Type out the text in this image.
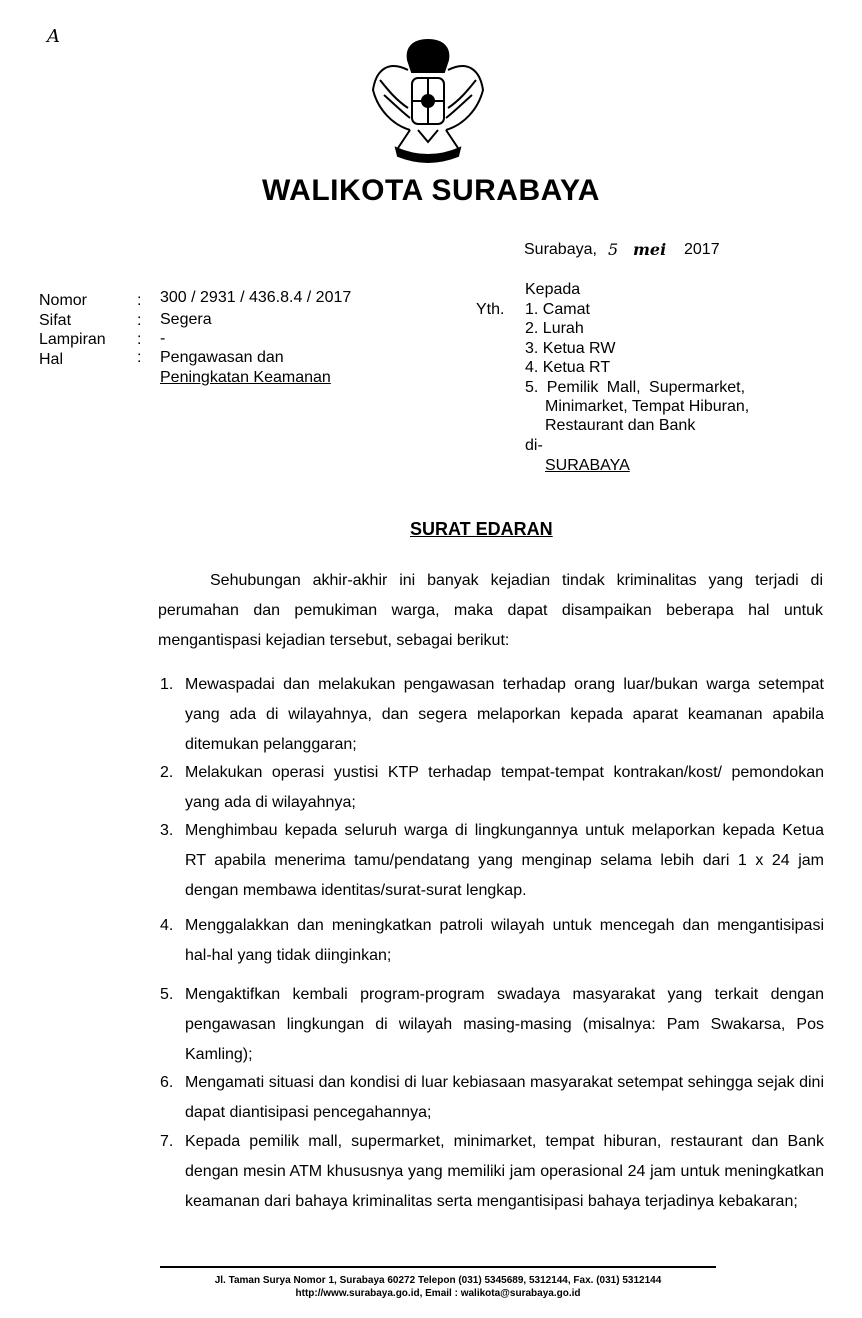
A
WALIKOTA SURABAYA
Surabaya, 5 mei 2017
Nomor	: 300 / 2931 / 436.8.4 / 2017
Sifat	: Segera
Lampiran : -
Hal	: Pengawasan dan
Peningkatan Keamanan
Kepada
Yth. 1. Camat
2. Lurah
3. Ketua RW
4. Ketua RT
5. Pemilik Mall, Supermarket,
Minimarket, Tempat Hiburan,
Restaurant dan Bank
di-
SURABAYA
SURAT EDARAN
Sehubungan akhir-akhir ini banyak kejadian tindak kriminalitas yang terjadi di perumahan dan pemukiman warga, maka dapat disampaikan beberapa hal untuk mengantispasi kejadian tersebut, sebagai berikut:
1. Mewaspadai dan melakukan pengawasan terhadap orang luar/bukan warga setempat yang ada di wilayahnya, dan segera melaporkan kepada aparat keamanan apabila ditemukan pelanggaran;
2. Melakukan operasi yustisi KTP terhadap tempat-tempat kontrakan/kost/ pemondokan yang ada di wilayahnya;
3. Menghimbau kepada seluruh warga di lingkungannya untuk melaporkan kepada Ketua RT apabila menerima tamu/pendatang yang menginap selama lebih dari 1 x 24 jam dengan membawa identitas/surat-surat lengkap.
4. Menggalakkan dan meningkatkan patroli wilayah untuk mencegah dan mengantisipasi hal-hal yang tidak diinginkan;
5. Mengaktifkan kembali program-program swadaya masyarakat yang terkait dengan pengawasan lingkungan di wilayah masing-masing (misalnya: Pam Swakarsa, Pos Kamling);
6. Mengamati situasi dan kondisi di luar kebiasaan masyarakat setempat sehingga sejak dini dapat diantisipasi pencegahannya;
7. Kepada pemilik mall, supermarket, minimarket, tempat hiburan, restaurant dan Bank dengan mesin ATM khususnya yang memiliki jam operasional 24 jam untuk meningkatkan keamanan dari bahaya kriminalitas serta mengantisipasi bahaya terjadinya kebakaran;
Jl. Taman Surya Nomor 1, Surabaya 60272 Telepon (031) 5345689, 5312144, Fax. (031) 5312144
http://www.surabaya.go.id, Email : walikota@surabaya.go.id
